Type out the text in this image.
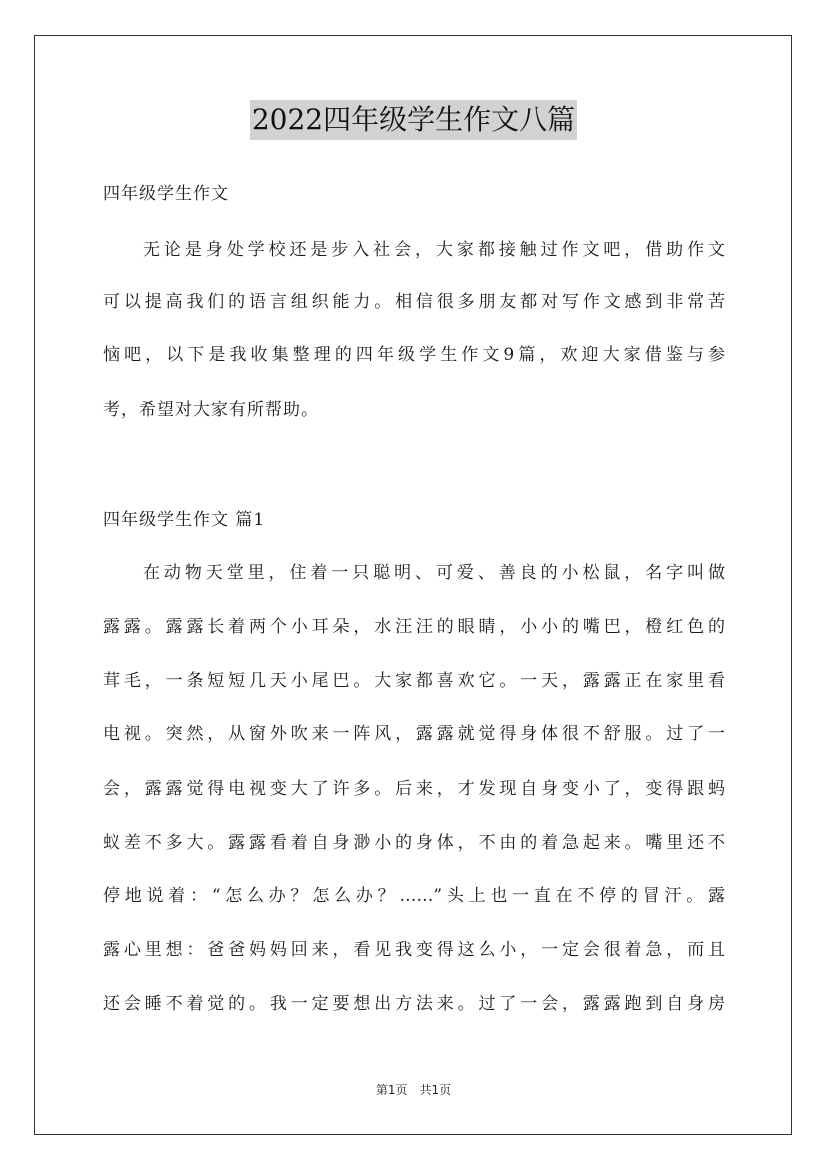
2022四年级学生作文八篇
四年级学生作文
无论是身处学校还是步入社会，大家都接触过作文吧，借助作文
可以提高我们的语言组织能力。相信很多朋友都对写作文感到非常苦
恼吧，以下是我收集整理的四年级学生作文9篇，欢迎大家借鉴与参
考，希望对大家有所帮助。
四年级学生作文 篇1
在动物天堂里，住着一只聪明、可爱、善良的小松鼠，名字叫做
露露。露露长着两个小耳朵，水汪汪的眼睛，小小的嘴巴，橙红色的
茸毛，一条短短几天小尾巴。大家都喜欢它。一天，露露正在家里看
电视。突然，从窗外吹来一阵风，露露就觉得身体很不舒服。过了一
会，露露觉得电视变大了许多。后来，才发现自身变小了，变得跟蚂
蚁差不多大。露露看着自身渺小的身体，不由的着急起来。嘴里还不
停地说着：“怎么办？怎么办？……”头上也一直在不停的冒汗。露
露心里想：爸爸妈妈回来，看见我变得这么小，一定会很着急，而且
还会睡不着觉的。我一定要想出方法来。过了一会，露露跑到自身房
第1页　共1页
